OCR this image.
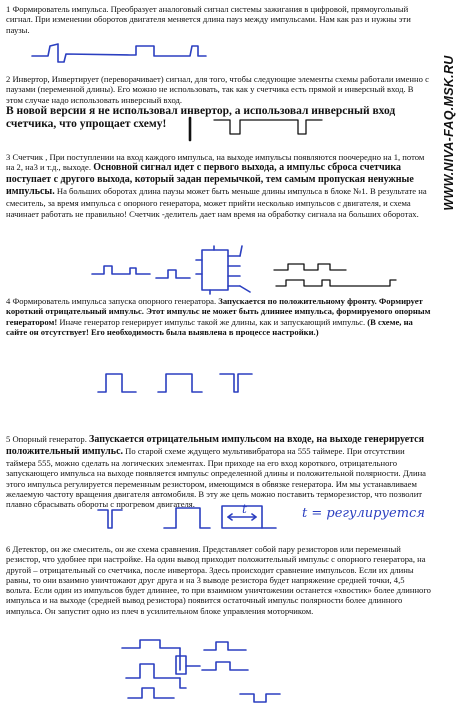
WWW.NIVA-FAQ.MSK.RU

1 Формирователь импульса. Преобразует аналоговый сигнал системы зажигания в цифровой, прямоугольный сигнал. При изменении оборотов двигателя меняется длина пауз между импульсами. Нам как раз и нужны эти паузы.

2 Инвертор, Инвертирует (переворачивает) сигнал, для того, чтобы следующие элементы схемы работали именно с паузами (переменной длины). Его можно не использовать, так как у счетчика есть прямой и инверсный вход. В этом случае надо использовать инверсный вход.

В новой версии я не использовал инвертор, а использовал инверсный вход счетчика, что упрощает схему!

3 Счетчик , При поступлении на вход каждого импульса, на выходе импульсы появляются поочередно на 1, потом на 2, на3 и т.д., выходе. Основной сигнал идет с первого выхода, а импульс сброса счетчика поступает с другого выхода, который задан перемычкой, тем самым пропуская ненужные импульсы. На больших оборотах длина паузы может быть меньше длины импульса в блоке №1. В результате на смеситель, за время импульса с опорного генератора, может прийти несколько импульсов с двигателя, и схема начинает работать не правильно! Счетчик -делитель дает нам время на обработку сигнала на больших оборотах.

4 Формирователь импульса запуска опорного генератора. Запускается по положительному фронту. Формирует короткий отрицательный импульс. Этот импульс не может быть длиннее импульса, формируемого опорным генератором! Иначе генератор генерирует импульс такой же длины, как и запускающий импульс. (В схеме, на сайте он отсутствует! Его необходимость была выявлена в процессе настройки.)

5 Опорный генератор. Запускается отрицательным импульсом на входе, на выходе генерируется положительный импульс. По старой схеме ждущего мультивибратора на 555 таймере. При отсутствии таймера 555, можно сделать на логических элементах. При приходе на его вход короткого, отрицательного запускающего импульса на выходе появляется импульс определенной длины и положительной полярности. Длина этого импульса регулируется переменным резистором, имеющимся в обвязке генератора. Им мы устанавливаем желаемую частоту вращения двигателя автомобиля. В эту же цепь можно поставить терморезистор, что позволит плавно сбрасывать обороты с прогревом двигателя.	t	t = регулируется

6 Детектор, он же смеситель, он же схема сравнения. Представляет собой пару резисторов или переменный резистор, что удобнее при настройке. На один вывод приходит положительный импульс с опорного генератора, на другой – отрицательный со счетчика, после инвертора. Здесь происходит сравнение импульсов. Если их длины равны, то они взаимно уничтожают друг друга и на 3 выводе резистора будет напряжение средней точки, 4,5 вольта. Если один из импульсов будет длиннее, то при взаимном уничтожении останется «хвостик» более длинного импульса и на выходе (средней вывод резистора) появится остаточный импульс полярности более длинного импульса. Он запустит одно из плеч в усилительном блоке управления моторчиком.
